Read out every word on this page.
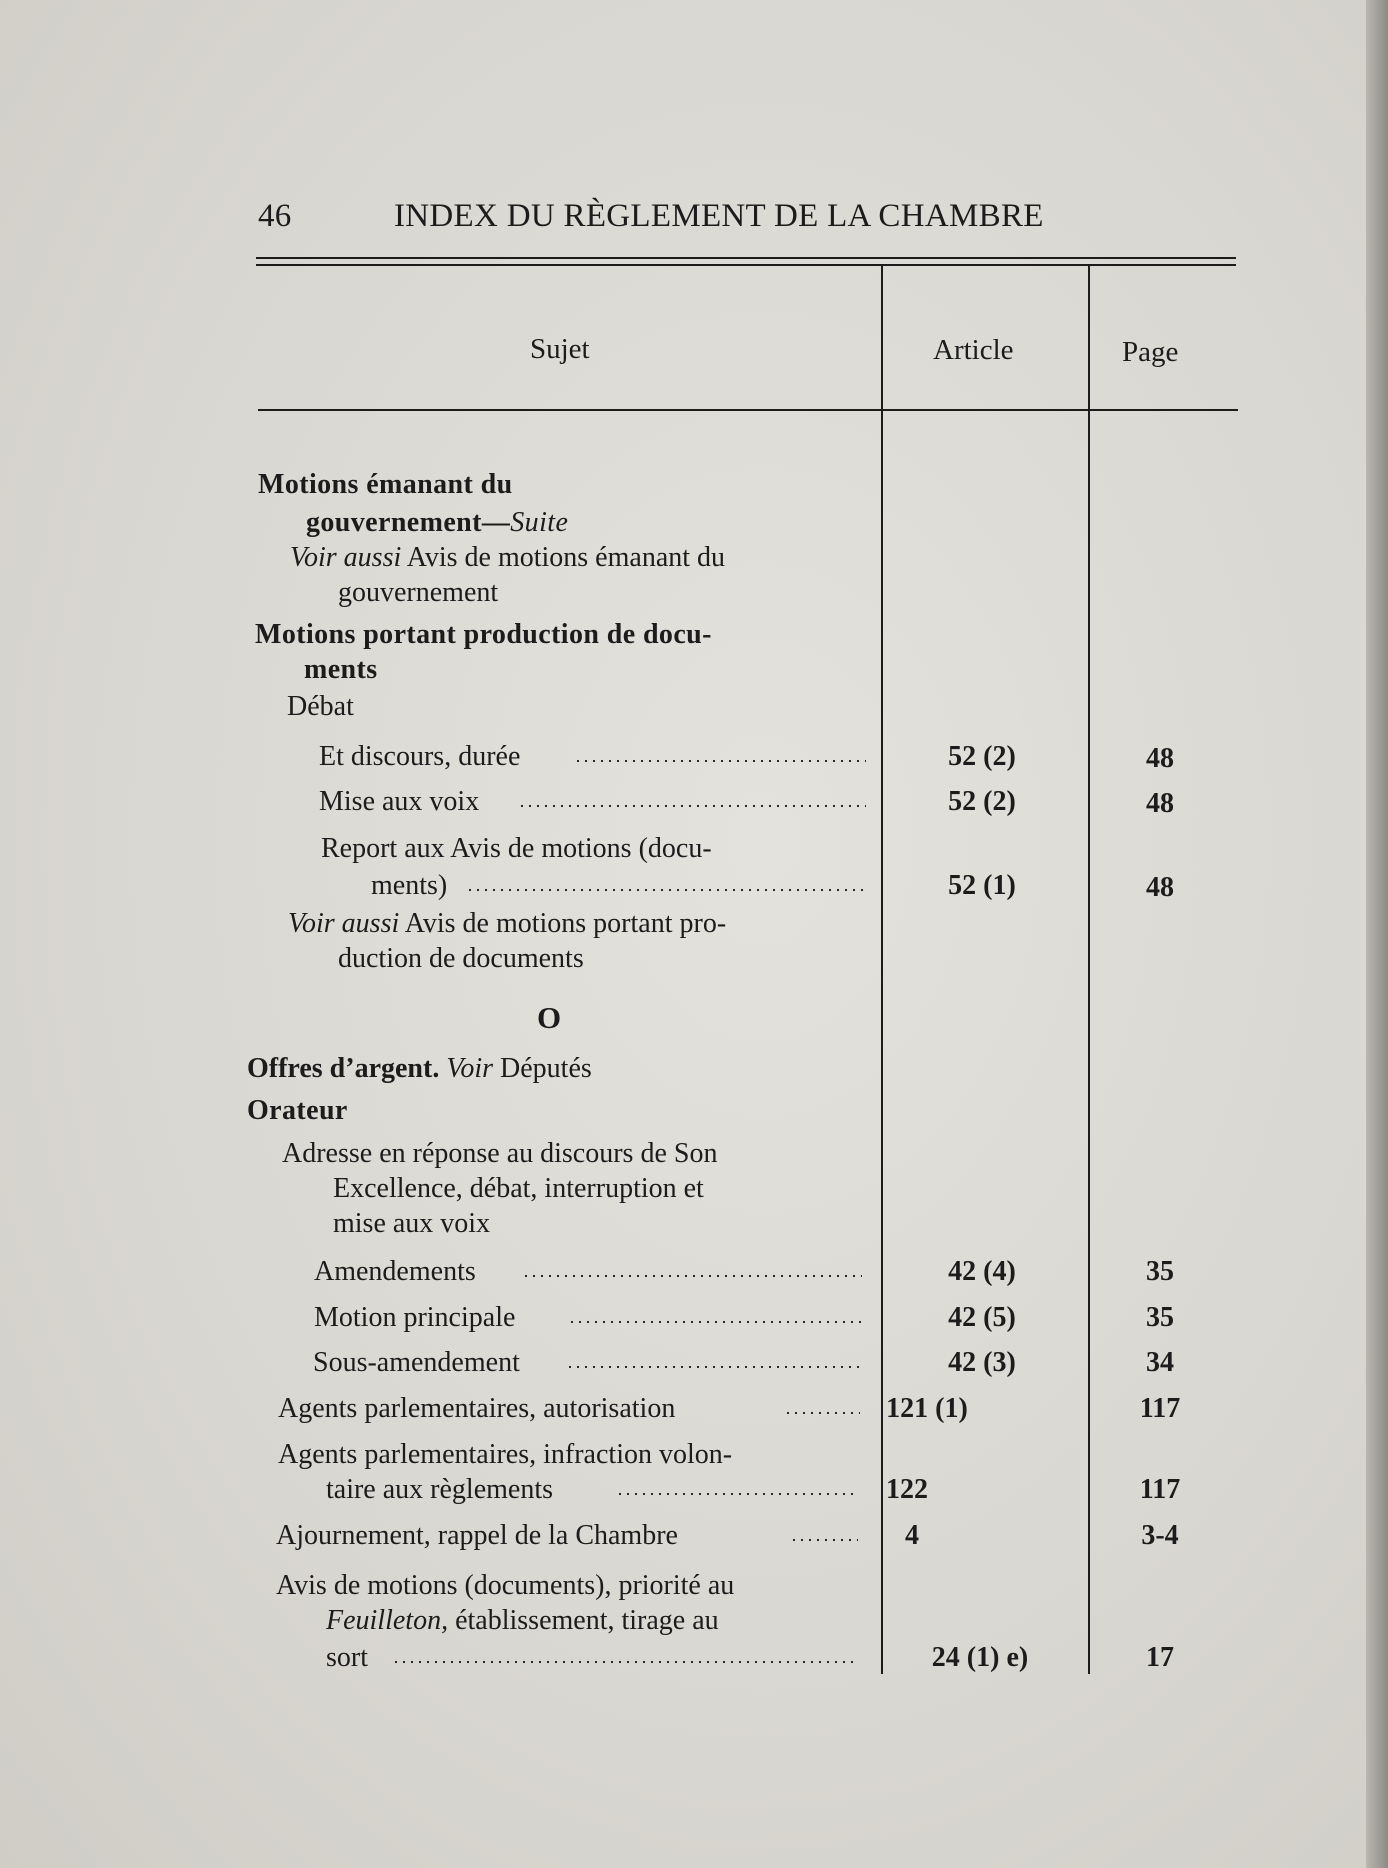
46	INDEX DU RÈGLEMENT DE LA CHAMBRE
Sujet	Article	Page
Motions émanant du
gouvernement—Suite
Voir aussi Avis de motions émanant du
gouvernement
Motions portant production de docu-
ments
Débat
Et discours, durée	52 (2)	48
Mise aux voix	52 (2)	48
Report aux Avis de motions (docu-
ments)	52 (1)	48
Voir aussi Avis de motions portant pro-
duction de documents
O
Offres d’argent. Voir Députés
Orateur
Adresse en réponse au discours de Son
Excellence, débat, interruption et
mise aux voix
Amendements	42 (4)	35
Motion principale	42 (5)	35
Sous-amendement	42 (3)	34
Agents parlementaires, autorisation	121 (1)	117
Agents parlementaires, infraction volon-
taire aux règlements	122	117
Ajournement, rappel de la Chambre	4	3-4
Avis de motions (documents), priorité au
Feuilleton, établissement, tirage au
sort	24 (1) e)	17
